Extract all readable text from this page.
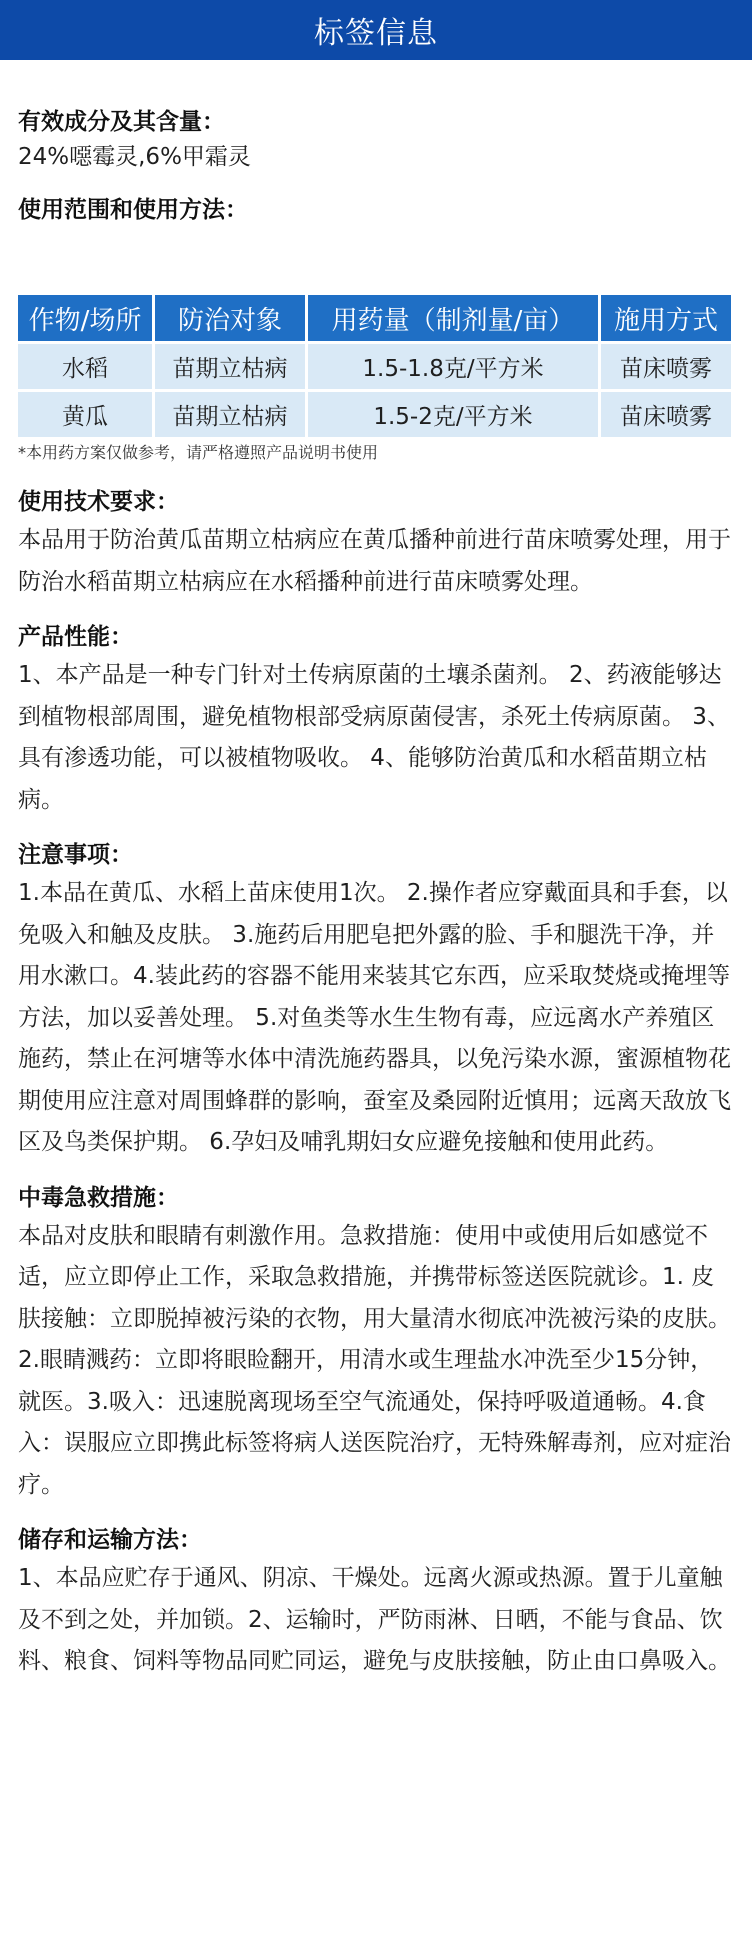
标签信息

有效成分及其含量：

24%噁霉灵,6%甲霜灵

使用范围和使用方法：

作物/场所	防治对象	用药量（制剂量/亩）	施用方式
水稻	苗期立枯病	1.5-1.8克/平方米	苗床喷雾
黄瓜	苗期立枯病	1.5-2克/平方米	苗床喷雾

*本用药方案仅做参考，请严格遵照产品说明书使用

使用技术要求：

本品用于防治黄瓜苗期立枯病应在黄瓜播种前进行苗床喷雾处理，用于防治水稻苗期立枯病应在水稻播种前进行苗床喷雾处理。

产品性能：

1、本产品是一种专门针对土传病原菌的土壤杀菌剂。 2、药液能够达到植物根部周围，避免植物根部受病原菌侵害，杀死土传病原菌。 3、具有渗透功能，可以被植物吸收。 4、能够防治黄瓜和水稻苗期立枯病。

注意事项：

1.本品在黄瓜、水稻上苗床使用1次。 2.操作者应穿戴面具和手套，以免吸入和触及皮肤。 3.施药后用肥皂把外露的脸、手和腿洗干净，并用水漱口。4.装此药的容器不能用来装其它东西，应采取焚烧或掩埋等方法，加以妥善处理。 5.对鱼类等水生生物有毒，应远离水产养殖区施药，禁止在河塘等水体中清洗施药器具，以免污染水源，蜜源植物花期使用应注意对周围蜂群的影响，蚕室及桑园附近慎用；远离天敌放飞区及鸟类保护期。 6.孕妇及哺乳期妇女应避免接触和使用此药。

中毒急救措施：

本品对皮肤和眼睛有刺激作用。急救措施：使用中或使用后如感觉不适，应立即停止工作，采取急救措施，并携带标签送医院就诊。1. 皮肤接触：立即脱掉被污染的衣物，用大量清水彻底冲洗被污染的皮肤。2.眼睛溅药：立即将眼睑翻开，用清水或生理盐水冲洗至少15分钟，就医。3.吸入：迅速脱离现场至空气流通处，保持呼吸道通畅。4.食入：误服应立即携此标签将病人送医院治疗，无特殊解毒剂，应对症治疗。

储存和运输方法：

1、本品应贮存于通风、阴凉、干燥处。远离火源或热源。置于儿童触及不到之处，并加锁。2、运输时，严防雨淋、日晒，不能与食品、饮料、粮食、饲料等物品同贮同运，避免与皮肤接触，防止由口鼻吸入。
